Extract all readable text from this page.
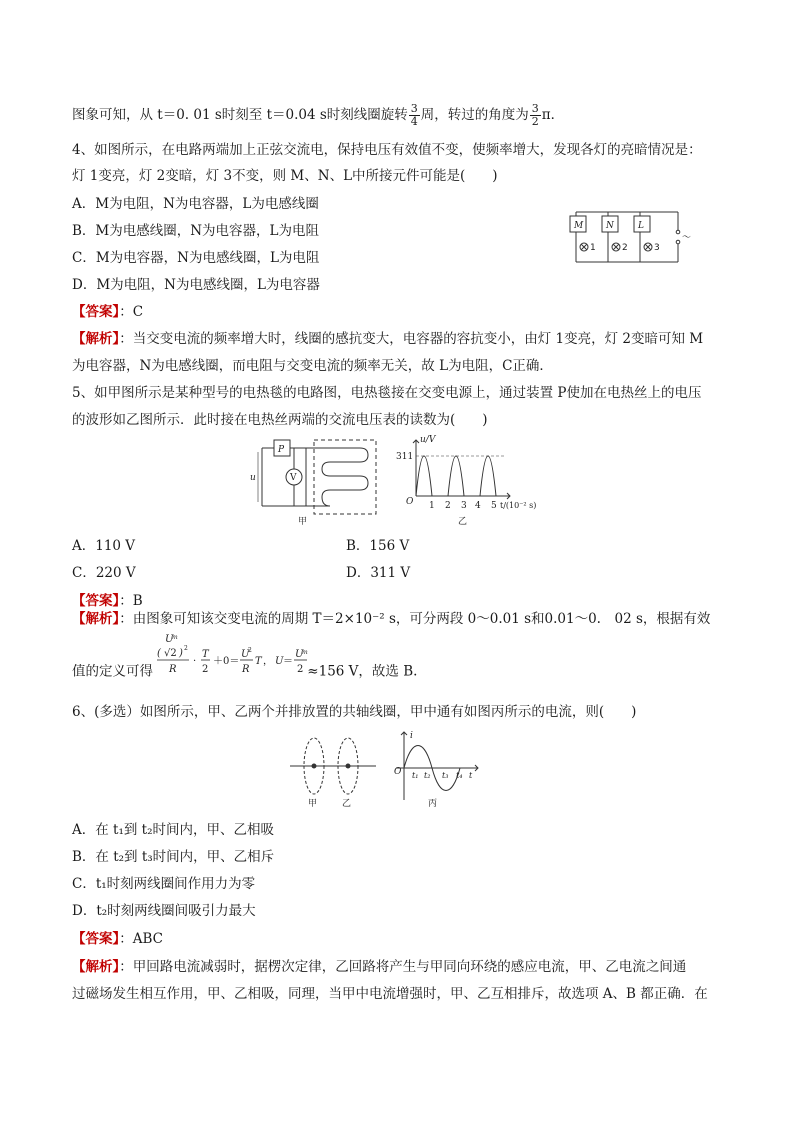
图象可知，从 t＝0. 01 s时刻至 t＝0.04 s时刻线圈旋转 $\frac{3}{4}$ 周，转过的角度为 $\frac{3}{2}$ π．
4、如图所示，在电路两端加上正弦交流电，保持电压有效值不变，使频率增大，发现各灯的亮暗情况是：
灯 1变亮，灯 2变暗，灯 3不变，则 M、N、L中所接元件可能是(　　)
A．M为电阻，N为电容器，L为电感线圈
B．M为电感线圈，N为电容器，L为电阻
C．M为电容器，N为电感线圈，L为电阻
D．M为电阻，N为电感线圈，L为电容器
M	N	L
1	2	3
～
【答案】：C
【解析】：当交变电流的频率增大时，线圈的感抗变大，电容器的容抗变小，由灯 1变亮，灯 2变暗可知 M
为电容器，N为电感线圈，而电阻与交变电流的频率无关，故 L为电阻，C正确．
5、如甲图所示是某种型号的电热毯的电路图，电热毯接在交变电源上，通过装置 P使加在电热丝上的电压
的波形如乙图所示．此时接在电热丝两端的交流电压表的读数为(　　)
P
V
u
甲
u/V
311
O 1 2 3 4 5 t/(10⁻² s)
乙
A．110 V	B．156 V
C．220 V	D．311 V
【答案】：B
【解析】：由图象可知该交变电流的周期 T＝2×10⁻² s，可分两段 0～0.01 s和0.01～0.　02 s，根据有效
值的定义可得
U
m
( √2 ) 2
R
·
T
2
＋0＝
U
2
R
T ， U ＝
U
m
2 ≈156 V，故选 B.
6、(多选）如图所示，甲、乙两个并排放置的共轴线圈，甲中通有如图丙所示的电流，则(　　)
i
O t₁ t₂ t₃ t₄ t
甲	乙	丙
A．在 t₁到 t₂时间内，甲、乙相吸
B．在 t₂到 t₃时间内，甲、乙相斥
C．t₁时刻两线圈间作用力为零
D．t₂时刻两线圈间吸引力最大
【答案】：ABC
【解析】：甲回路电流减弱时，据楞次定律，乙回路将产生与甲同向环绕的感应电流，甲、乙电流之间通
过磁场发生相互作用，甲、乙相吸，同理，当甲中电流增强时，甲、乙互相排斥，故选项 A、B 都正确．在
